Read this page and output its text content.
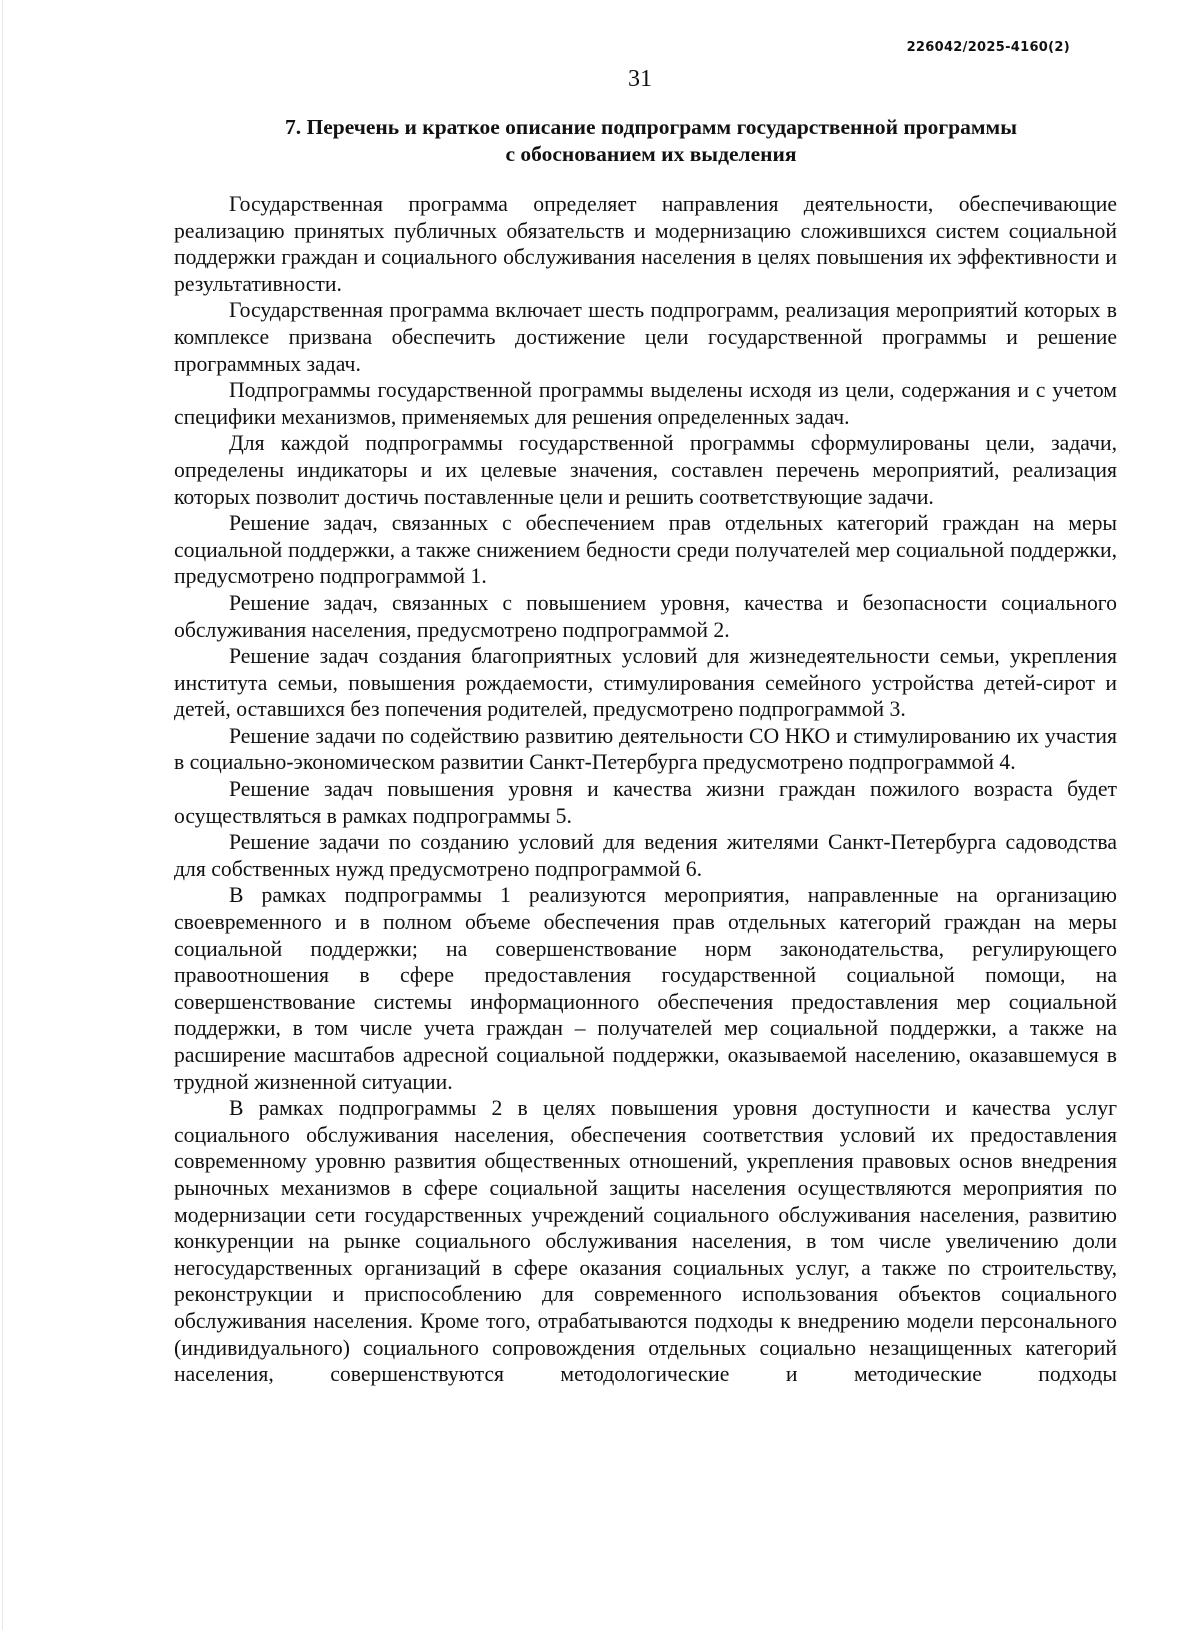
226042/2025-4160(2)
31
7. Перечень и краткое описание подпрограмм государственной программы
с обоснованием их выделения

Государственная программа определяет направления деятельности, обеспечивающие реализацию принятых публичных обязательств и модернизацию сложившихся систем социальной поддержки граждан и социального обслуживания населения в целях повышения их эффективности и результативности.

Государственная программа включает шесть подпрограмм, реализация мероприятий которых в комплексе призвана обеспечить достижение цели государственной программы и решение программных задач.

Подпрограммы государственной программы выделены исходя из цели, содержания и с учетом специфики механизмов, применяемых для решения определенных задач.

Для каждой подпрограммы государственной программы сформулированы цели, задачи, определены индикаторы и их целевые значения, составлен перечень мероприятий, реализация которых позволит достичь поставленные цели и решить соответствующие задачи.

Решение задач, связанных с обеспечением прав отдельных категорий граждан на меры социальной поддержки, а также снижением бедности среди получателей мер социальной поддержки, предусмотрено подпрограммой 1.

Решение задач, связанных с повышением уровня, качества и безопасности социального обслуживания населения, предусмотрено подпрограммой 2.

Решение задач создания благоприятных условий для жизнедеятельности семьи, укрепления института семьи, повышения рождаемости, стимулирования семейного устройства детей-сирот и детей, оставшихся без попечения родителей, предусмотрено подпрограммой 3.

Решение задачи по содействию развитию деятельности СО НКО и стимулированию их участия в социально-экономическом развитии Санкт-Петербурга предусмотрено подпрограммой 4.

Решение задач повышения уровня и качества жизни граждан пожилого возраста будет осуществляться в рамках подпрограммы 5.

Решение задачи по созданию условий для ведения жителями Санкт-Петербурга садоводства для собственных нужд предусмотрено подпрограммой 6.

В рамках подпрограммы 1 реализуются мероприятия, направленные на организацию своевременного и в полном объеме обеспечения прав отдельных категорий граждан на меры социальной поддержки; на совершенствование норм законодательства, регулирующего правоотношения в сфере предоставления государственной социальной помощи, на совершенствование системы информационного обеспечения предоставления мер социальной поддержки, в том числе учета граждан – получателей мер социальной поддержки, а также на расширение масштабов адресной социальной поддержки, оказываемой населению, оказавшемуся в трудной жизненной ситуации.

В рамках подпрограммы 2 в целях повышения уровня доступности и качества услуг социального обслуживания населения, обеспечения соответствия условий их предоставления современному уровню развития общественных отношений, укрепления правовых основ внедрения рыночных механизмов в сфере социальной защиты населения осуществляются мероприятия по модернизации сети государственных учреждений социального обслуживания населения, развитию конкуренции на рынке социального обслуживания населения, в том числе увеличению доли негосударственных организаций в сфере оказания социальных услуг, а также по строительству, реконструкции и приспособлению для современного использования объектов социального обслуживания населения. Кроме того, отрабатываются подходы к внедрению модели персонального (индивидуального) социального сопровождения отдельных социально незащищенных категорий населения, совершенствуются методологические и методические подходы
